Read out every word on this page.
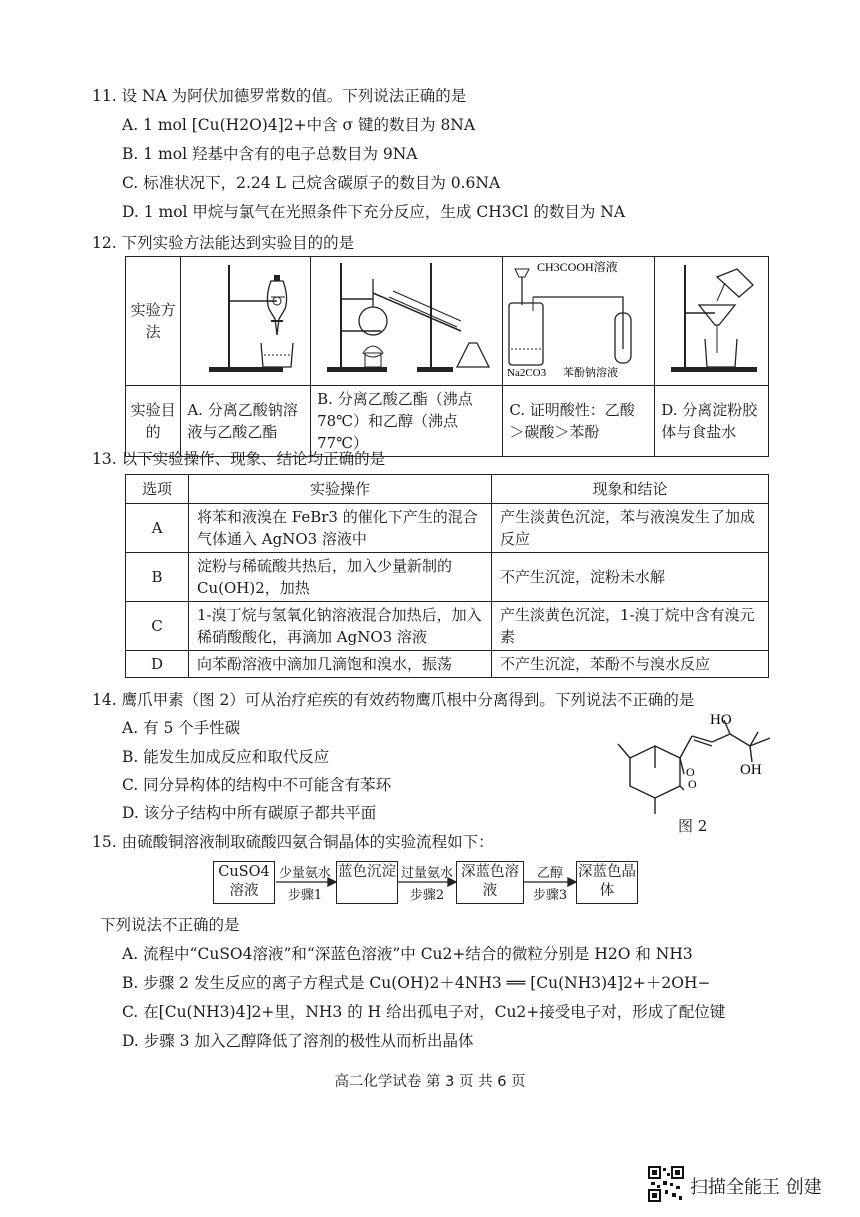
11. 设 NA 为阿伏加德罗常数的值。下列说法正确的是
A. 1 mol [Cu(H2O)4]2+中含 σ 键的数目为 8NA
B. 1 mol 羟基中含有的电子总数目为 9NA
C. 标准状况下，2.24 L 己烷含碳原子的数目为 0.6NA
D. 1 mol 甲烷与氯气在光照条件下充分反应，生成 CH3Cl 的数目为 NA
12. 下列实验方法能达到实验目的的是
实验方法			CH3COOH溶液
Na2CO3 苯酚钠溶液

实验目的	A. 分离乙酸钠溶液与乙酸乙酯	B. 分离乙酸乙酯（沸点78℃）和乙醇（沸点 77℃）	C. 证明酸性：乙酸＞碳酸＞苯酚	D. 分离淀粉胶体与食盐水
13. 以下实验操作、现象、结论均正确的是
选项	实验操作	现象和结论
A	将苯和液溴在 FeBr3 的催化下产生的混合气体通入 AgNO3 溶液中	产生淡黄色沉淀，苯与液溴发生了加成反应
B	淀粉与稀硫酸共热后，加入少量新制的 Cu(OH)2，加热	不产生沉淀，淀粉未水解
C	1-溴丁烷与氢氧化钠溶液混合加热后，加入稀硝酸酸化，再滴加 AgNO3 溶液	产生淡黄色沉淀，1-溴丁烷中含有溴元素
D	向苯酚溶液中滴加几滴饱和溴水，振荡	不产生沉淀，苯酚不与溴水反应
14. 鹰爪甲素（图 2）可从治疗疟疾的有效药物鹰爪根中分离得到。下列说法不正确的是
A. 有 5 个手性碳
B. 能发生加成反应和取代反应
C. 同分异构体的结构中不可能含有苯环
D. 该分子结构中所有碳原子都共平面
O
O
HO
OH
图 2
15. 由硫酸铜溶液制取硫酸四氨合铜晶体的实验流程如下：
CuSO4溶液
蓝色沉淀	深蓝色溶液
深蓝色晶体
少量氨水
步骤1
过量氨水
步骤2
乙醇
步骤3
下列说法不正确的是
A. 流程中“CuSO4溶液”和“深蓝色溶液”中 Cu2+结合的微粒分别是 H2O 和 NH3
B. 步骤 2 发生反应的离子方程式是 Cu(OH)2＋4NH3 ══ [Cu(NH3)4]2+＋2OH−
C. 在[Cu(NH3)4]2+里，NH3 的 H 给出孤电子对，Cu2+接受电子对，形成了配位键
D. 步骤 3 加入乙醇降低了溶剂的极性从而析出晶体
高二化学试卷 第 3 页 共 6 页
扫描全能王 创建
